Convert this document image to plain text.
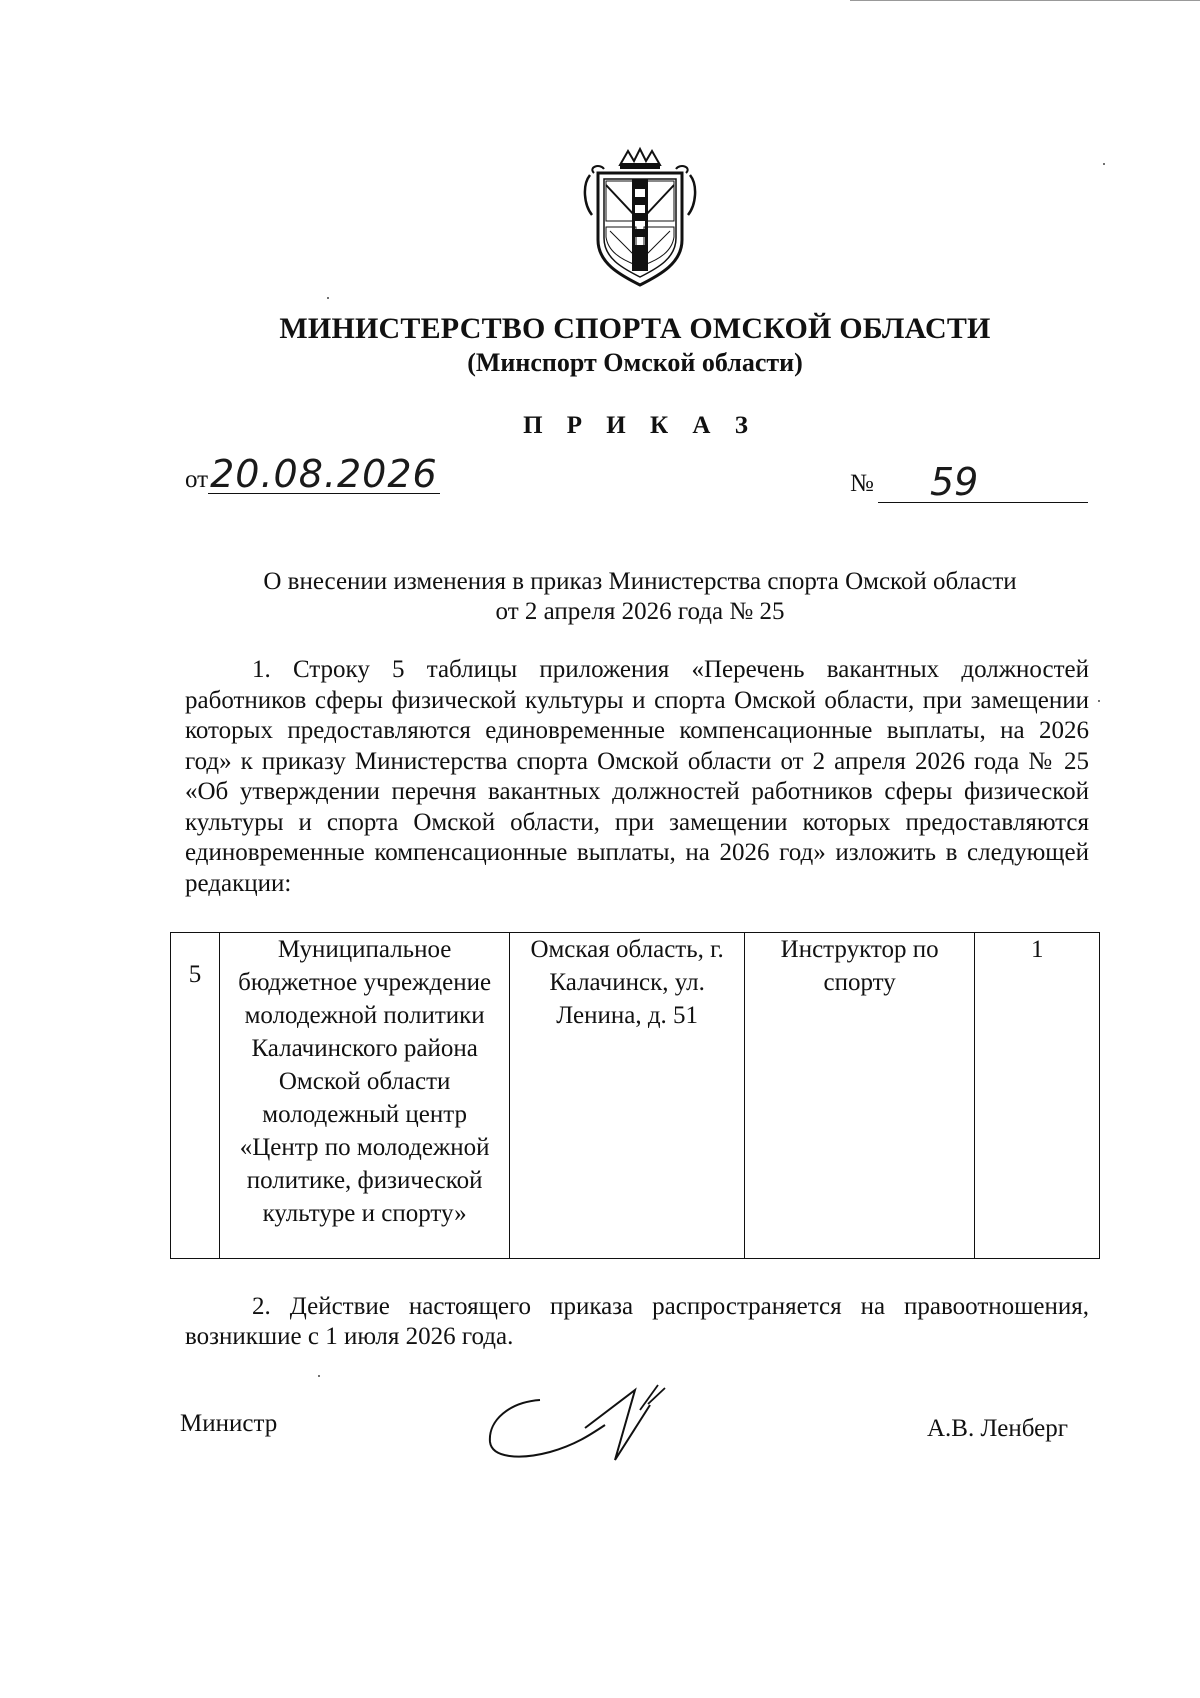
МИНИСТЕРСТВО СПОРТА ОМСКОЙ ОБЛАСТИ
(Минспорт Омской области)
П Р И К А З
от20.08.2026	№ 59
О внесении изменения в приказ Министерства спорта Омской области
от 2 апреля 2026 года № 25
1. Строку 5 таблицы приложения «Перечень вакантных должностей работников сферы физической культуры и спорта Омской области, при замещении которых предоставляются единовременные компенсационные выплаты, на 2026 год» к приказу Министерства спорта Омской области от 2 апреля 2026 года № 25 «Об утверждении перечня вакантных должностей работников сферы физической культуры и спорта Омской области, при замещении которых предоставляются единовременные компенсационные выплаты, на 2026 год» изложить в следующей редакции:
5	Муниципальное бюджетное учреждение молодежной политики Калачинского района Омской области молодежный центр «Центр по молодежной политике, физической культуре и спорту»	Омская область, г. Калачинск, ул. Ленина, д. 51	Инструктор по спорту	1
2. Действие настоящего приказа распространяется на правоотношения, возникшие с 1 июля 2026 года.
Министр	А.В. Ленберг
